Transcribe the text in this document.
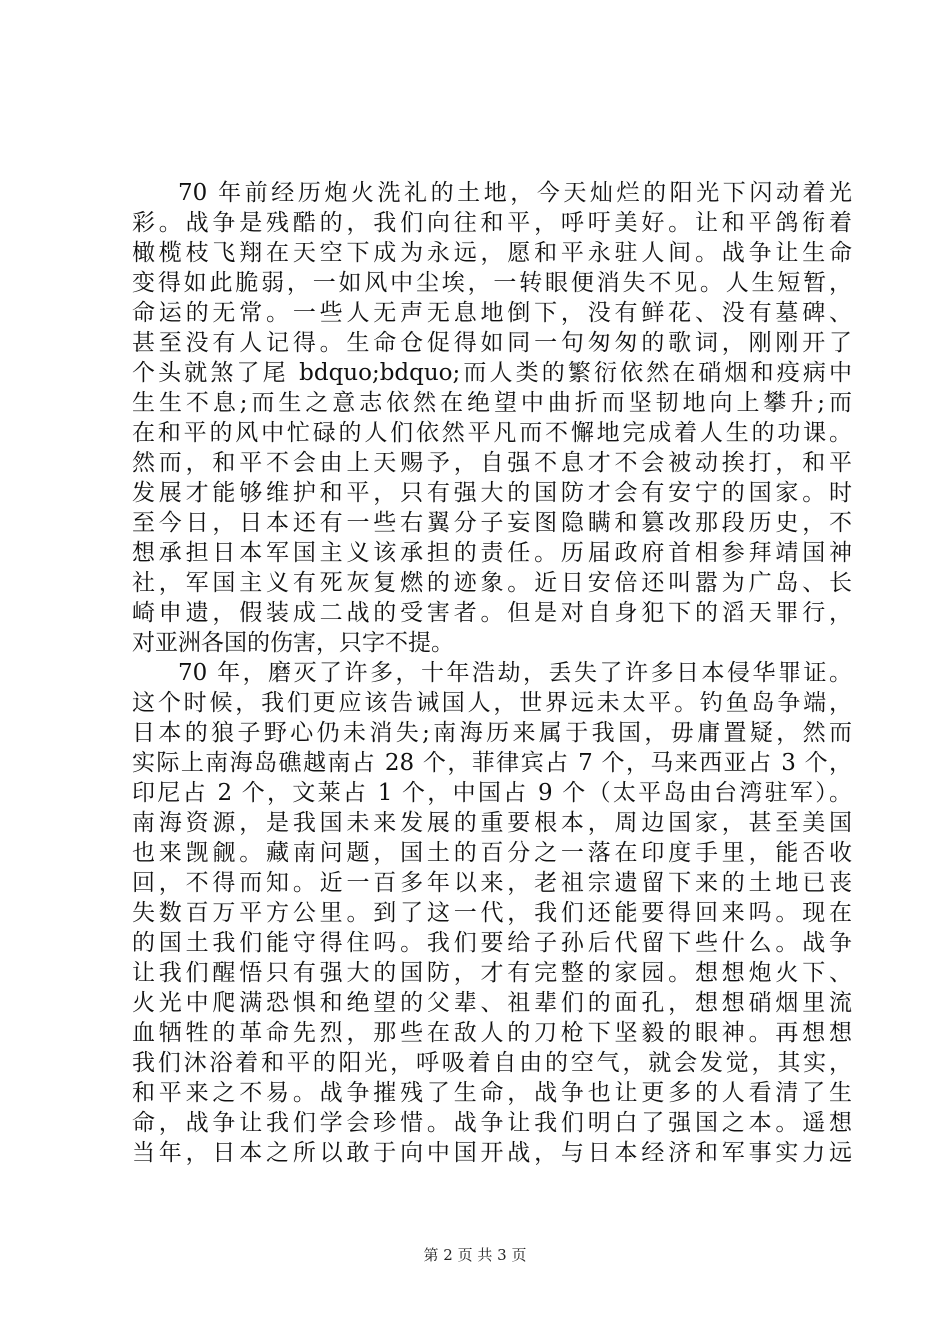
70 年前经历炮火洗礼的土地，今天灿烂的阳光下闪动着光
彩。战争是残酷的，我们向往和平，呼吁美好。让和平鸽衔着
橄榄枝飞翔在天空下成为永远，愿和平永驻人间。战争让生命
变得如此脆弱，一如风中尘埃，一转眼便消失不见。人生短暂，
命运的无常。一些人无声无息地倒下，没有鲜花、没有墓碑、
甚至没有人记得。生命仓促得如同一句匆匆的歌词，刚刚开了
个头就煞了尾 bdquo;bdquo;而人类的繁衍依然在硝烟和疫病中
生生不息;而生之意志依然在绝望中曲折而坚韧地向上攀升;而
在和平的风中忙碌的人们依然平凡而不懈地完成着人生的功课。
然而，和平不会由上天赐予，自强不息才不会被动挨打，和平
发展才能够维护和平，只有强大的国防才会有安宁的国家。时
至今日，日本还有一些右翼分子妄图隐瞒和篡改那段历史，不
想承担日本军国主义该承担的责任。历届政府首相参拜靖国神
社，军国主义有死灰复燃的迹象。近日安倍还叫嚣为广岛、长
崎申遗，假装成二战的受害者。但是对自身犯下的滔天罪行，
对亚洲各国的伤害，只字不提。
70 年，磨灭了许多，十年浩劫，丢失了许多日本侵华罪证。
这个时候，我们更应该告诫国人，世界远未太平。钓鱼岛争端，
日本的狼子野心仍未消失;南海历来属于我国，毋庸置疑，然而
实际上南海岛礁越南占 28 个，菲律宾占 7 个，马来西亚占 3 个，
印尼占 2 个，文莱占 1 个，中国占 9 个（太平岛由台湾驻军）。
南海资源，是我国未来发展的重要根本，周边国家，甚至美国
也来觊觎。藏南问题，国土的百分之一落在印度手里，能否收
回，不得而知。近一百多年以来，老祖宗遗留下来的土地已丧
失数百万平方公里。到了这一代，我们还能要得回来吗。现在
的国土我们能守得住吗。我们要给子孙后代留下些什么。战争
让我们醒悟只有强大的国防，才有完整的家园。想想炮火下、
火光中爬满恐惧和绝望的父辈、祖辈们的面孔，想想硝烟里流
血牺牲的革命先烈，那些在敌人的刀枪下坚毅的眼神。再想想
我们沐浴着和平的阳光，呼吸着自由的空气，就会发觉，其实，
和平来之不易。战争摧残了生命，战争也让更多的人看清了生
命，战争让我们学会珍惜。战争让我们明白了强国之本。遥想
当年，日本之所以敢于向中国开战，与日本经济和军事实力远
第 2 页 共 3 页
